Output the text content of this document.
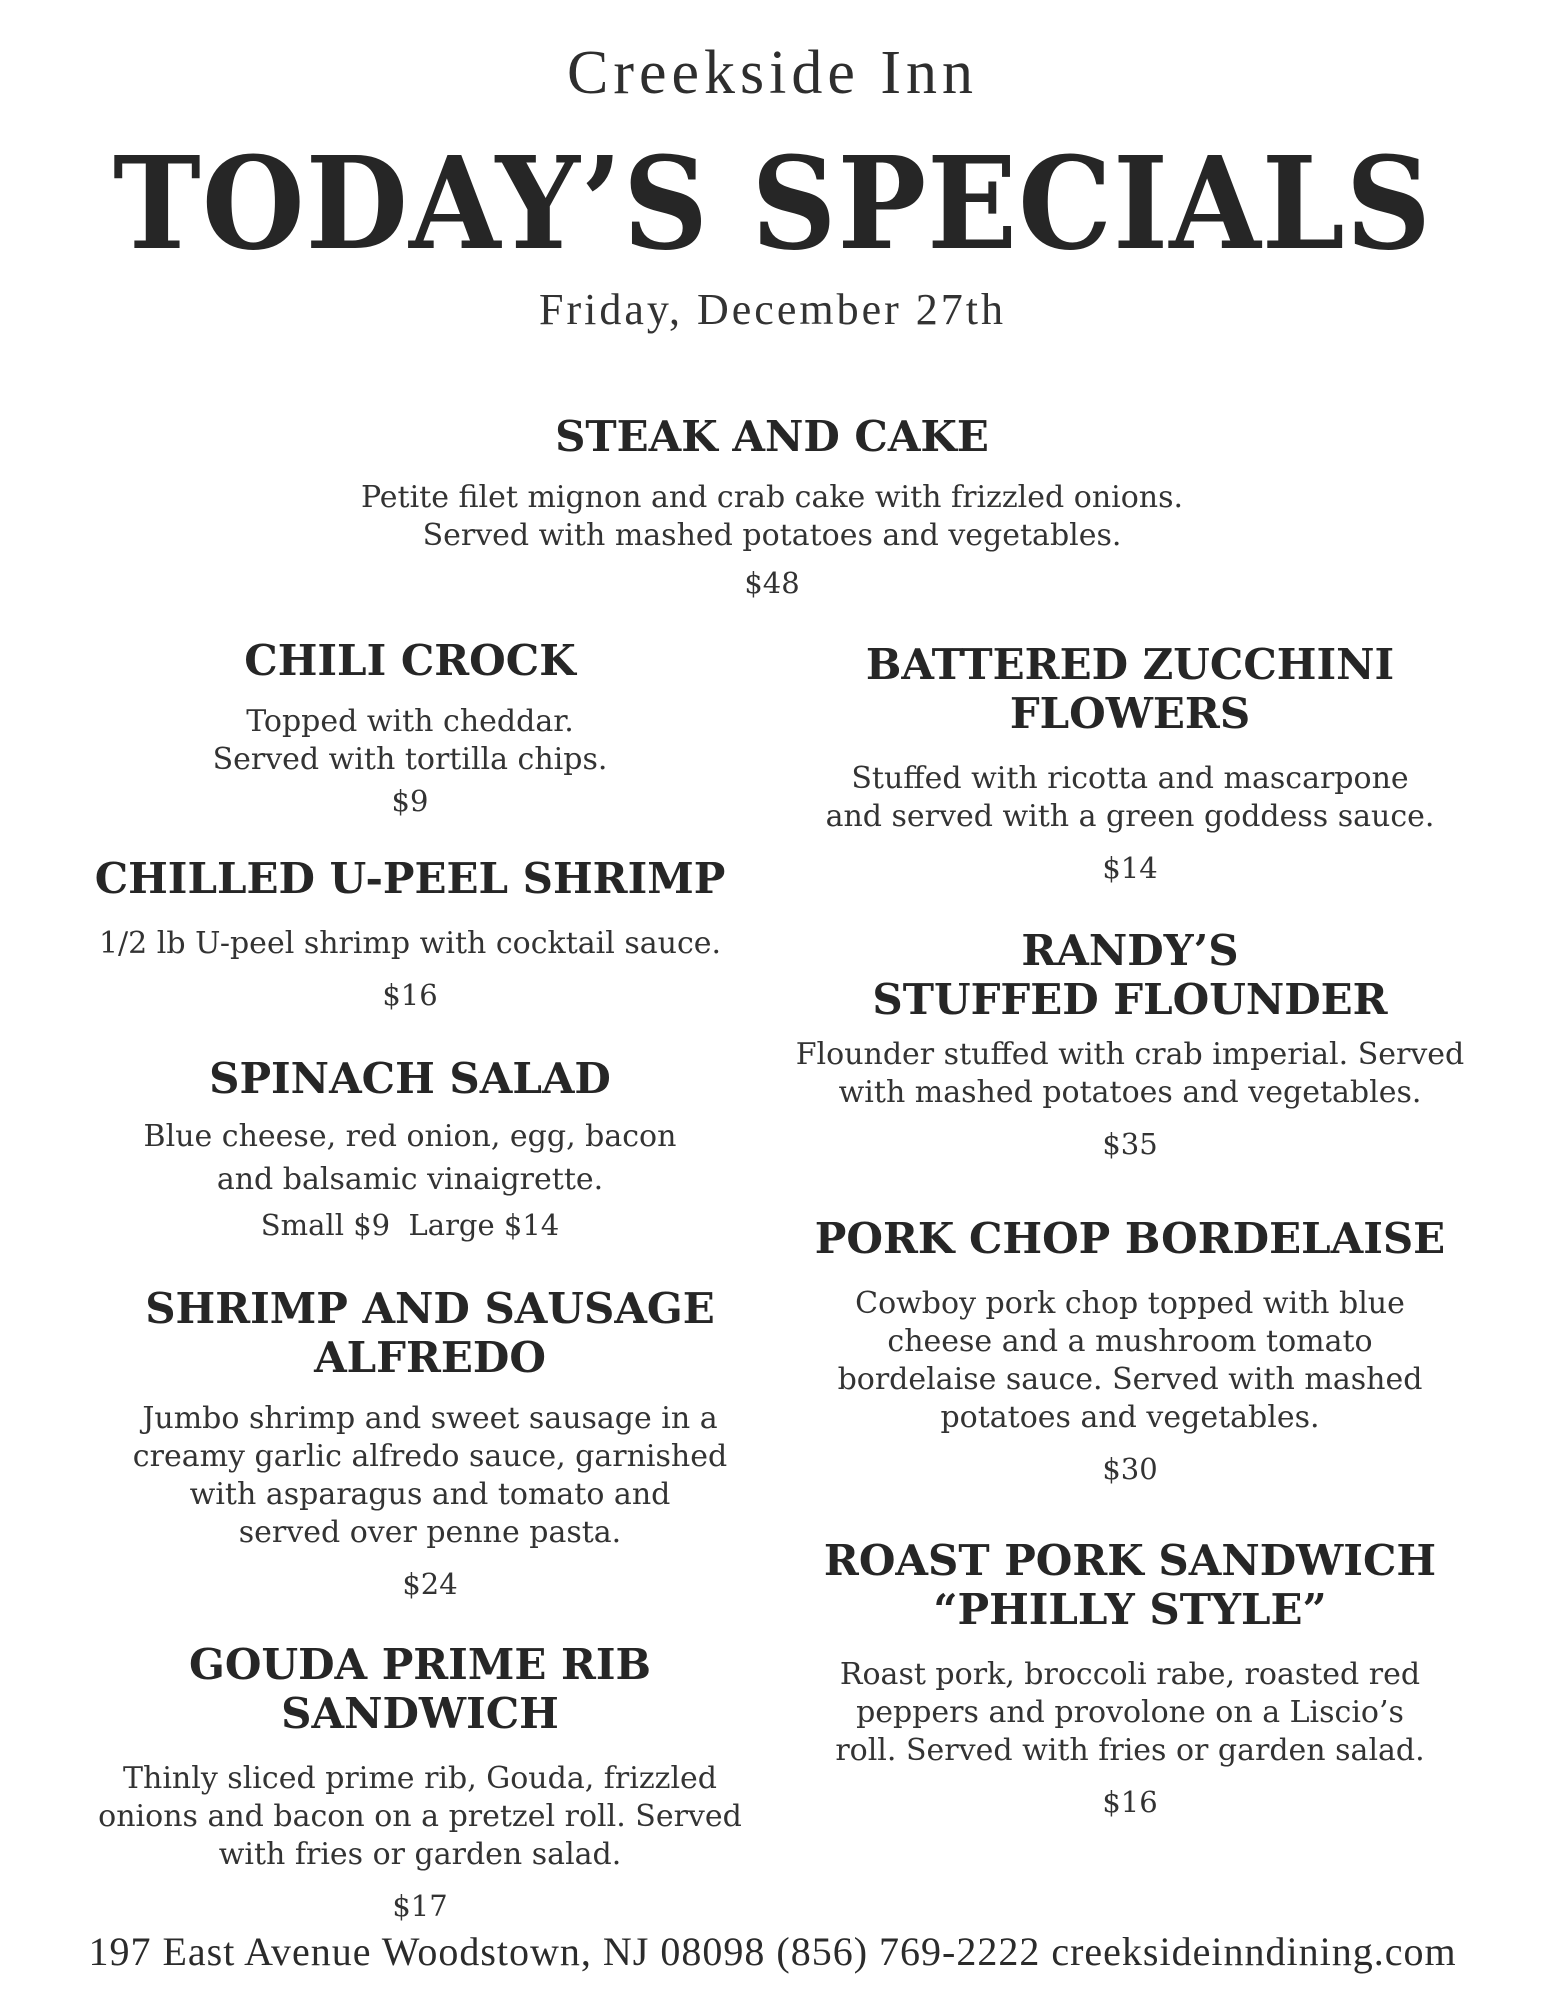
Creekside Inn
TODAY’S SPECIALS
Friday, December 27th
STEAK AND CAKE
Petite filet mignon and crab cake with frizzled onions.
Served with mashed potatoes and vegetables.
$48
CHILI CROCK
Topped with cheddar.
Served with tortilla chips.
$9
CHILLED U-PEEL SHRIMP
1/2 lb U-peel shrimp with cocktail sauce.
$16
SPINACH SALAD
Blue cheese, red onion, egg, bacon
and balsamic vinaigrette.
Small $9  Large $14
SHRIMP AND SAUSAGE
ALFREDO
Jumbo shrimp and sweet sausage in a
creamy garlic alfredo sauce, garnished
with asparagus and tomato and
served over penne pasta.
$24
GOUDA PRIME RIB SANDWICH
Thinly sliced prime rib, Gouda, frizzled
onions and bacon on a pretzel roll. Served
with fries or garden salad.
$17
BATTERED ZUCCHINI
FLOWERS
Stuffed with ricotta and mascarpone
and served with a green goddess sauce.
$14
RANDY’S
STUFFED FLOUNDER
Flounder stuffed with crab imperial. Served
with mashed potatoes and vegetables.
$35
PORK CHOP BORDELAISE
Cowboy pork chop topped with blue
cheese and a mushroom tomato
bordelaise sauce. Served with mashed
potatoes and vegetables.
$30
ROAST PORK SANDWICH
“PHILLY STYLE”
Roast pork, broccoli rabe, roasted red
peppers and provolone on a Liscio’s
roll. Served with fries or garden salad.
$16
197 East Avenue Woodstown, NJ 08098 (856) 769-2222 creeksideinndining.com
